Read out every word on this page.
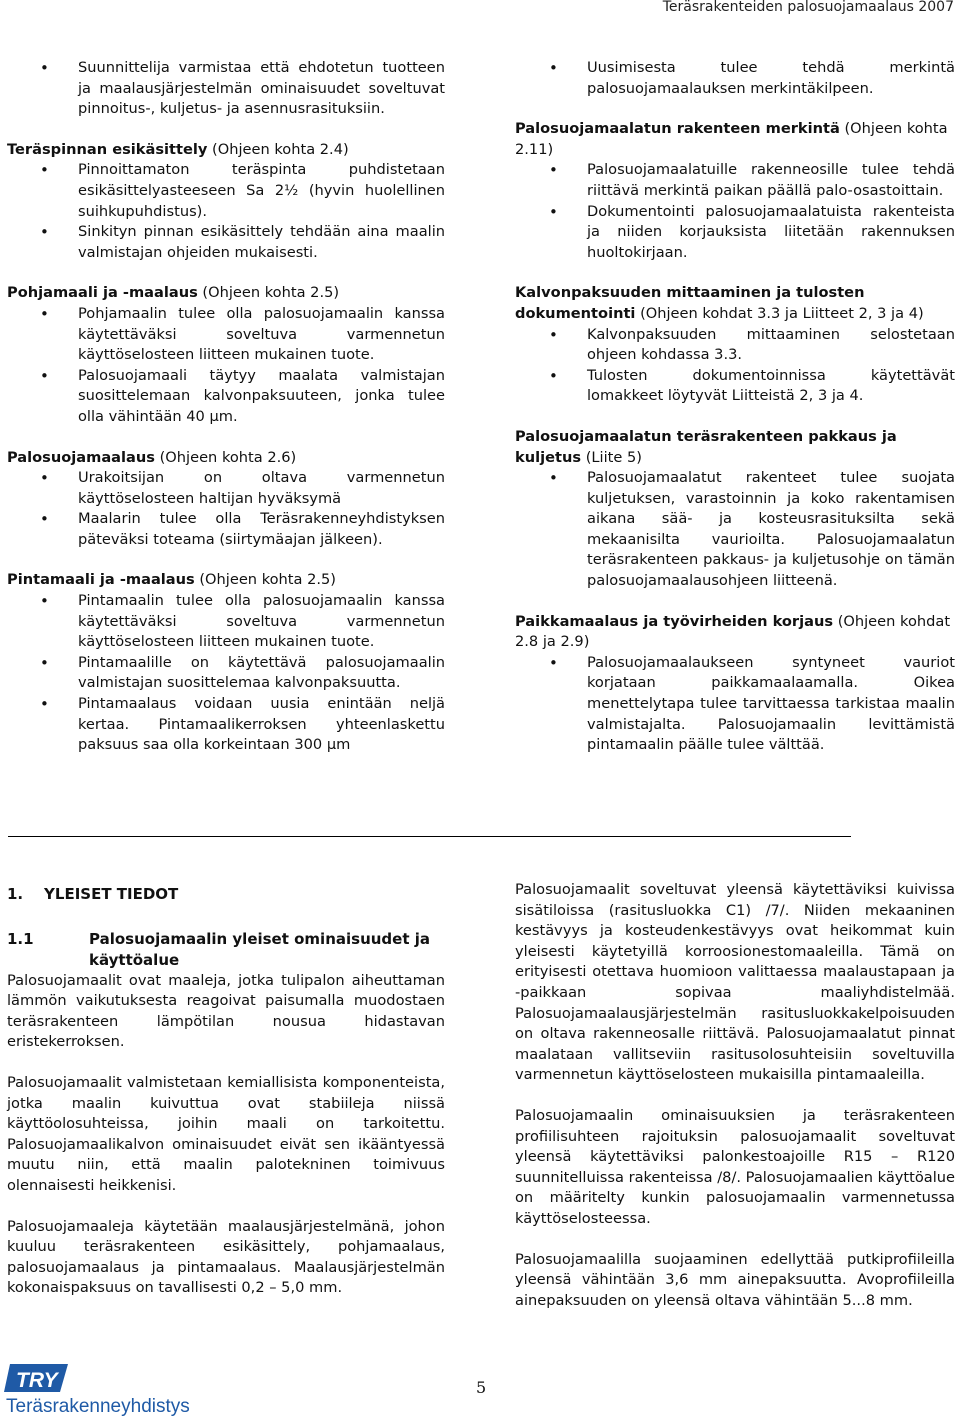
Teräsrakenteiden palosuojamaalaus 2007
• Suunnittelija varmistaa että ehdotetun tuotteen ja maalausjärjestelmän ominaisuudet soveltuvat pinnoitus-, kuljetus- ja asennusrasituksiin.
Teräspinnan esikäsittely (Ohjeen kohta 2.4)
• Pinnoittamaton teräspinta puhdistetaan esikäsittelyasteeseen Sa 2½ (hyvin huolellinen suihkupuhdistus).
• Sinkityn pinnan esikäsittely tehdään aina maalin valmistajan ohjeiden mukaisesti.
Pohjamaali ja -maalaus (Ohjeen kohta 2.5)
• Pohjamaalin tulee olla palosuojamaalin kanssa käytettäväksi soveltuva varmennetun käyttöselosteen liitteen mukainen tuote.
• Palosuojamaali täytyy maalata valmistajan suosittelemaan kalvonpaksuuteen, jonka tulee olla vähintään 40 µm.
Palosuojamaalaus (Ohjeen kohta 2.6)
• Urakoitsijan on oltava varmennetun käyttöselosteen haltijan hyväksymä
• Maalarin tulee olla Teräsrakenneyhdistyksen päteväksi toteama (siirtymäajan jälkeen).
Pintamaali ja -maalaus (Ohjeen kohta 2.5)
• Pintamaalin tulee olla palosuojamaalin kanssa käytettäväksi soveltuva varmennetun käyttöselosteen liitteen mukainen tuote.
• Pintamaalille on käytettävä palosuojamaalin valmistajan suosittelemaa kalvonpaksuutta.
• Pintamaalaus voidaan uusia enintään neljä kertaa. Pintamaalikerroksen yhteenlaskettu paksuus saa olla korkeintaan 300 µm
• Uusimisesta tulee tehdä merkintä palosuojamaalauksen merkintäkilpeen.
Palosuojamaalatun rakenteen merkintä (Ohjeen kohta 2.11)
• Palosuojamaalatuille rakenneosille tulee tehdä riittävä merkintä paikan päällä palo-osastoittain.
• Dokumentointi palosuojamaalatuista rakenteista ja niiden korjauksista liitetään rakennuksen huoltokirjaan.
Kalvonpaksuuden mittaaminen ja tulosten dokumentointi (Ohjeen kohdat 3.3 ja Liitteet 2, 3 ja 4)
• Kalvonpaksuuden mittaaminen selostetaan ohjeen kohdassa 3.3.
• Tulosten dokumentoinnissa käytettävät lomakkeet löytyvät Liitteistä 2, 3 ja 4.
Palosuojamaalatun teräsrakenteen pakkaus ja kuljetus (Liite 5)
• Palosuojamaalatut rakenteet tulee suojata kuljetuksen, varastoinnin ja koko rakentamisen aikana sää- ja kosteusrasituksilta sekä mekaanisilta vaurioilta. Palosuojamaalatun teräsrakenteen pakkaus- ja kuljetusohje on tämän palosuojamaalausohjeen liitteenä.
Paikkamaalaus ja työvirheiden korjaus (Ohjeen kohdat 2.8 ja 2.9)
• Palosuojamaalaukseen syntyneet vauriot korjataan paikkamaalaamalla. Oikea menettelytapa tulee tarvittaessa tarkistaa maalin valmistajalta. Palosuojamaalin levittämistä pintamaalin päälle tulee välttää.
1. YLEISET TIEDOT
1.1	Palosuojamaalin yleiset ominaisuudet ja käyttöalue

Palosuojamaalit ovat maaleja, jotka tulipalon aiheuttaman lämmön vaikutuksesta reagoivat paisumalla muodostaen teräsrakenteen lämpötilan nousua hidastavan eristekerroksen.

Palosuojamaalit valmistetaan kemiallisista komponenteista, jotka maalin kuivuttua ovat stabiileja niissä käyttöolosuhteissa, joihin maali on tarkoitettu. Palosuojamaalikalvon ominaisuudet eivät sen ikääntyessä muutu niin, että maalin palotekninen toimivuus olennaisesti heikkenisi.

Palosuojamaaleja käytetään maalausjärjestelmänä, johon kuuluu teräsrakenteen esikäsittely, pohjamaalaus, palosuojamaalaus ja pintamaalaus. Maalausjärjestelmän kokonaispaksuus on tavallisesti 0,2 – 5,0 mm.

Palosuojamaalit soveltuvat yleensä käytettäviksi kuivissa sisätiloissa (rasitusluokka C1) /7/. Niiden mekaaninen kestävyys ja kosteudenkestävyys ovat heikommat kuin yleisesti käytetyillä korroosionestomaaleilla. Tämä on erityisesti otettava huomioon valittaessa maalaustapaan ja -paikkaan sopivaa maaliyhdistelmää. Palosuojamaalausjärjestelmän rasitusluokkakelpoisuuden on oltava rakenneosalle riittävä. Palosuojamaalatut pinnat maalataan vallitseviin rasitusolosuhteisiin soveltuvilla varmennetun käyttöselosteen mukaisilla pintamaaleilla.

Palosuojamaalin ominaisuuksien ja teräsrakenteen profiilisuhteen rajoituksin palosuojamaalit soveltuvat yleensä käytettäviksi palonkestoajoille R15 – R120 suunnitelluissa rakenteissa /8/. Palosuojamaalien käyttöalue on määritelty kunkin palosuojamaalin varmennetussa käyttöselosteessa.

Palosuojamaalilla suojaaminen edellyttää putkiprofiileilla yleensä vähintään 3,6 mm ainepaksuutta. Avoprofiileilla ainepaksuuden on yleensä oltava vähintään 5...8 mm.

TRY
Teräsrakenneyhdistys
5
